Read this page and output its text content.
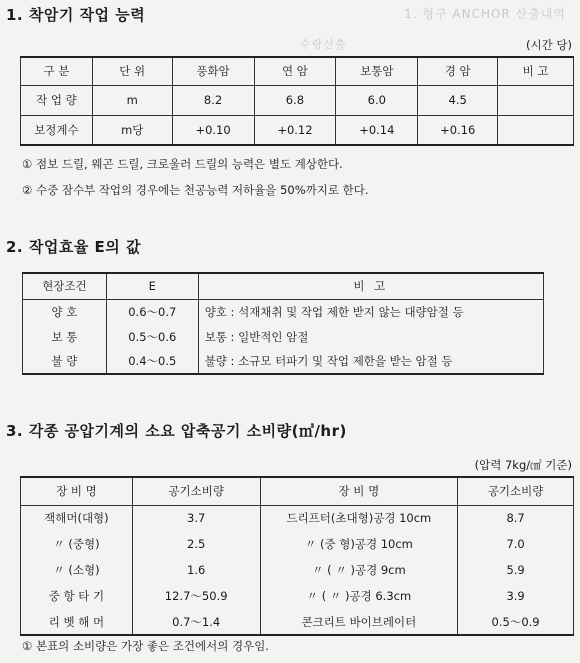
1. 형구 ANCHOR 산출내역
수량산출
1. 착암기 작업 능력
(시간 당)
구 분	단 위	풍화암	연 암	보통암	경 암	비 고
작 업 량	m	8.2	6.8	6.0	4.5	
보정계수	m당	+0.10	+0.12	+0.14	+0.16	
① 점보 드릴, 웨곤 드릴, 크로울러 드릴의 능력은 별도 계상한다.
② 수중 잠수부 작업의 경우에는 천공능력 저하율을 50%까지로 한다.
2. 작업효율 E의 값
현장조건	E	비 고
양 호	0.6～0.7	양호 : 석재채취 및 작업 제한 받지 않는 대량암절 등
보 통	0.5～0.6	보통 : 일반적인 암절
불 량	0.4～0.5	불량 : 소규모 터파기 및 작업 제한을 받는 암절 등
3. 각종 공압기계의 소요 압축공기 소비량(㎥/hr)
(압력 7kg/㎠ 기준)
장 비 명	공기소비량	장 비 명	공기소비량
잭해머(대형)	3.7	드리프터(초대형)공경 10cm	8.7
〃 (중형)	2.5	〃 (중 형)공경 10cm	7.0
〃 (소형)	1.6	〃 ( 〃 )공경 9cm	5.9
중 항 타 기	12.7～50.9	〃 ( 〃 )공경 6.3cm	3.9
리 벳 해 머	0.7～1.4	콘크리트 바이브레이터	0.5～0.9
① 본표의 소비량은 가장 좋은 조건에서의 경우임.
